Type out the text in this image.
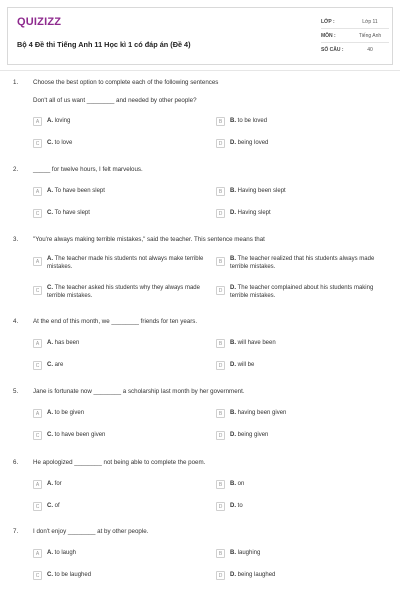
QUIZIZZ
Bộ 4 Đề thi Tiếng Anh 11 Học kì 1 có đáp án (Đề 4)
LỚP :	Lớp 11
MÔN :	Tiếng Anh
SỐ CÂU :	40
1. Choose the best option to complete each of the following sentences
Don't all of us want ________ and needed by other people?
A	A. loving	B	B. to be loved
C	C. to love	D	D. being loved
2. _____ for twelve hours, I felt marvelous.
A	A. To have been slept	B	B. Having been slept
C	C. To have slept	D	D. Having slept
3. "You're always making terrible mistakes," said the teacher. This sentence means that
A	A. The teacher made his students not always make terrible mistakes.
B	B. The teacher realized that his students always made terrible mistakes.
C	C. The teacher asked his students why they always made terrible mistakes.
D	D. The teacher complained about his students making terrible mistakes.
4. At the end of this month, we ________ friends for ten years.
A	A. has been	B	B. will have been
C	C. are	D	D. will be
5. Jane is fortunate now ________ a scholarship last month by her government.
A	A. to be given	B	B. having been given
C	C. to have been given	D	D. being given
6. He apologized ________ not being able to complete the poem.
A	A. for	B	B. on
C	C. of	D	D. to
7. I don't enjoy ________ at by other people.
A	A. to laugh	B	B. laughing
C	C. to be laughed	D	D. being laughed
